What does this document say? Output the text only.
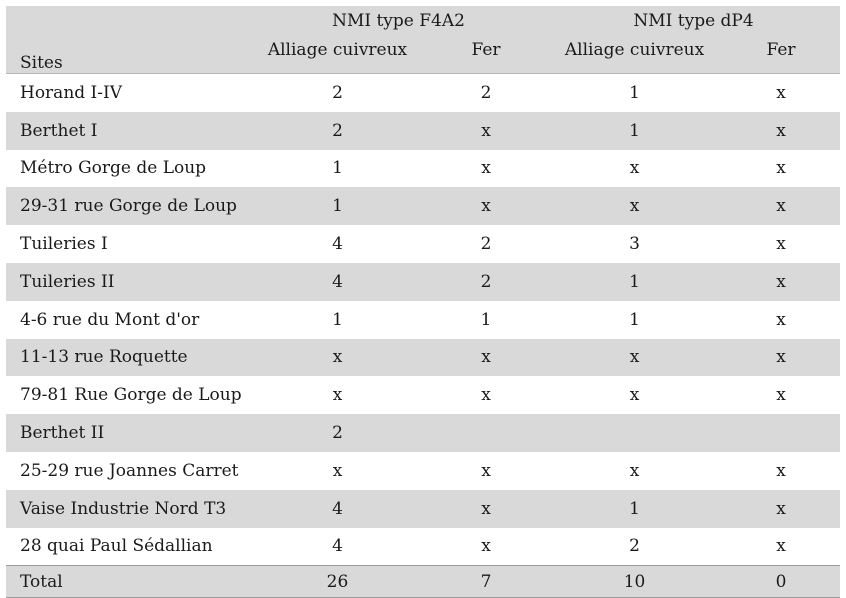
Sites	NMI type F4A2		NMI type dP4	
	Alliage cuivreux	Fer	Alliage cuivreux	Fer
Horand I-IV	2	2	1	x
Berthet I	2	x	1	x
Métro Gorge de Loup	1	x	x	x
29-31 rue Gorge de Loup	1	x	x	x
Tuileries I	4	2	3	x
Tuileries II	4	2	1	x
4-6 rue du Mont d'or	1	1	1	x
11-13 rue Roquette	x	x	x	x
79-81 Rue Gorge de Loup	x	x	x	x
Berthet II	2			
25-29 rue Joannes Carret	x	x	x	x
Vaise Industrie Nord T3	4	x	1	x
28 quai Paul Sédallian	4	x	2	x
Total	26	7	10	0
